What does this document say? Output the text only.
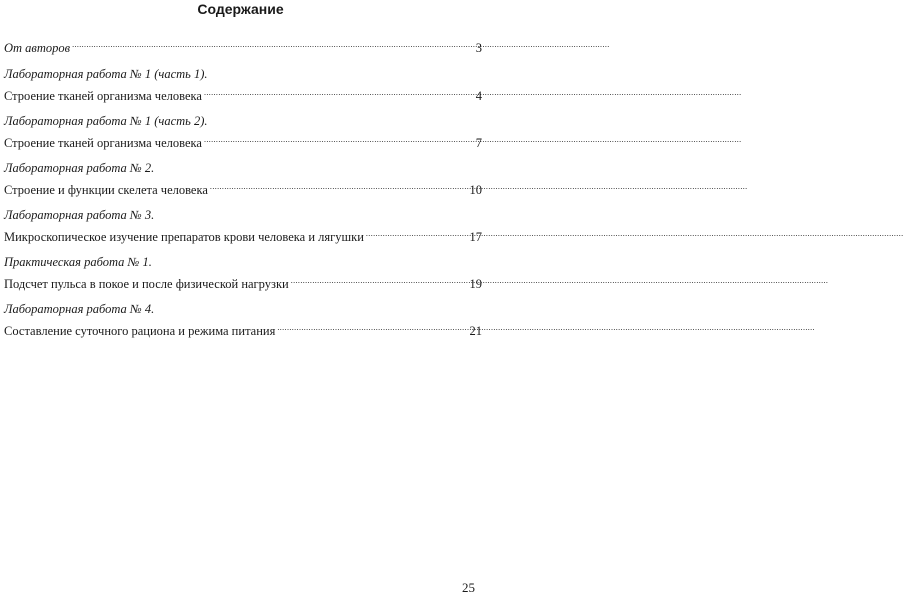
Содержание
От авторов .....	3
Лабораторная работа № 1 (часть 1).
Строение тканей организма человека .....	4
Лабораторная работа № 1 (часть 2).
Строение тканей организма человека .....	7
Лабораторная работа № 2.
Строение и функции скелета человека .....	10
Лабораторная работа № 3.
Микроскопическое изучение препаратов крови человека и лягушки .....	17
Практическая работа № 1.
Подсчет пульса в покое и после физической нагрузки .....	19
Лабораторная работа № 4.
Составление суточного рациона и режима питания .....	21
25
